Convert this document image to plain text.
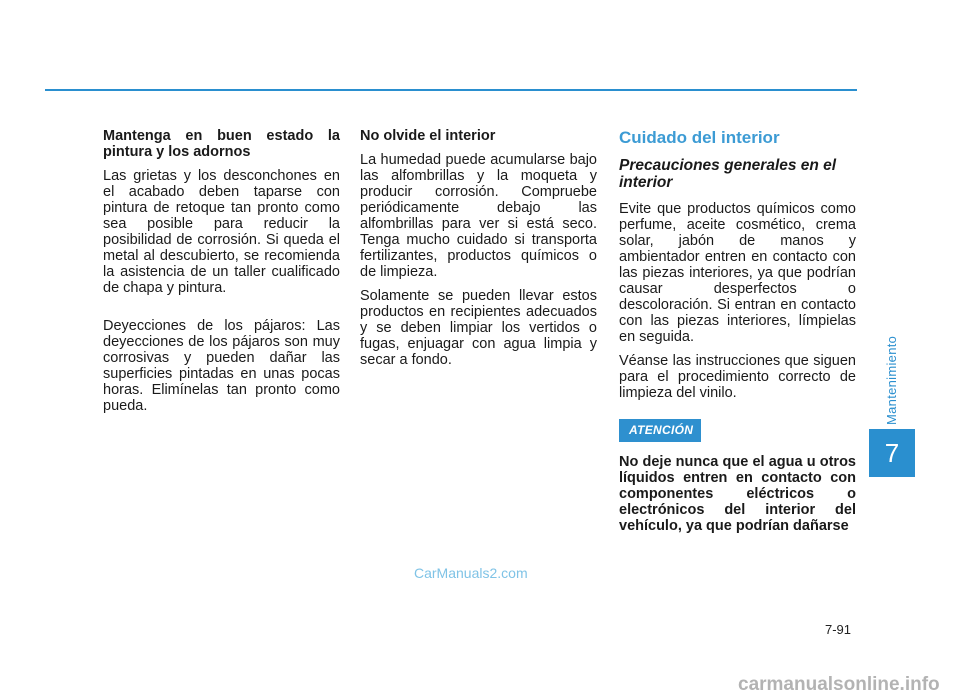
Mantenga en buen estado la pintura y los adornos

Las grietas y los desconchones en el acabado deben taparse con pintura de retoque tan pronto como sea posible para reducir la posibilidad de corrosión. Si queda el metal al descubierto, se recomienda la asistencia de un taller cualificado de chapa y pintura.

Deyecciones de los pájaros: Las deyecciones de los pájaros son muy corrosivas y pueden dañar las superficies pintadas en unas pocas horas. Elimínelas tan pronto como pueda.

No olvide el interior

La humedad puede acumularse bajo las alfombrillas y la moqueta y producir corrosión. Compruebe periódicamente debajo las alfombrillas para ver si está seco. Tenga mucho cuidado si transporta fertilizantes, productos químicos o de limpieza.

Solamente se pueden llevar estos productos en recipientes adecuados y se deben limpiar los vertidos o fugas, enjuagar con agua limpia y secar a fondo.

Cuidado del interior
Precauciones generales en el interior

Evite que productos químicos como perfume, aceite cosmético, crema solar, jabón de manos y ambientador entren en contacto con las piezas interiores, ya que podrían causar desperfectos o descoloración. Si entran en contacto con las piezas interiores, límpielas en seguida.

Véanse las instrucciones que siguen para el procedimiento correcto de limpieza del vinilo.

ATENCIÓN

No deje nunca que el agua u otros líquidos entren en contacto con componentes eléctricos o electrónicos del interior del vehículo, ya que podrían dañarse

Mantenimiento
7
7-91
CarManuals2.com
carmanualsonline.info
